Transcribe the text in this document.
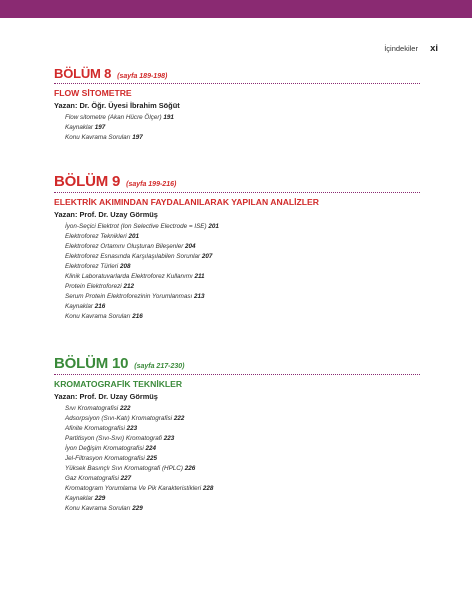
İçindekiler xi
BÖLÜM 8 (sayfa 189-198)
FLOW SİTOMETRE
Yazan: Dr. Öğr. Üyesi İbrahim Söğüt
Flow sitometre (Akan Hücre Ölçer) 191
Kaynaklar 197
Konu Kavrama Soruları 197
BÖLÜM 9 (sayfa 199-216)
ELEKTRİK AKIMINDAN FAYDALANILARAK YAPILAN ANALİZLER
Yazan: Prof. Dr. Uzay Görmüş
İyon-Seçici Elektrot (Ion Selective Electrode = ISE) 201
Elektroforez Teknikleri 201
Elektroforez Ortamını Oluşturan Bileşenler 204
Elektroforez Esnasında Karşılaşılabilen Sorunlar 207
Elektroforez Türleri 208
Klinik Laboratuvarlarda Elektroforez Kullanımı 211
Protein Elektroforezi 212
Serum Protein Elektroforezinin Yorumlanması 213
Kaynaklar 216
Konu Kavrama Soruları 216
BÖLÜM 10 (sayfa 217-230)
KROMATOGRAFİK TEKNİKLER
Yazan: Prof. Dr. Uzay Görmüş
Sıvı Kromatografisi 222
Adsorpsiyon (Sıvı-Katı) Kromatografisi 222
Afinite Kromatografisi 223
Partitisyon (Sıvı-Sıvı) Kromatografi 223
İyon Değişim Kromatografisi 224
Jel-Filtrasyon Kromatografisi 225
Yüksek Basınçlı Sıvı Kromatografi (HPLC) 226
Gaz Kromatografisi 227
Kromatogram Yorumlama Ve Pik Karakteristikleri 228
Kaynaklar 229
Konu Kavrama Soruları 229
